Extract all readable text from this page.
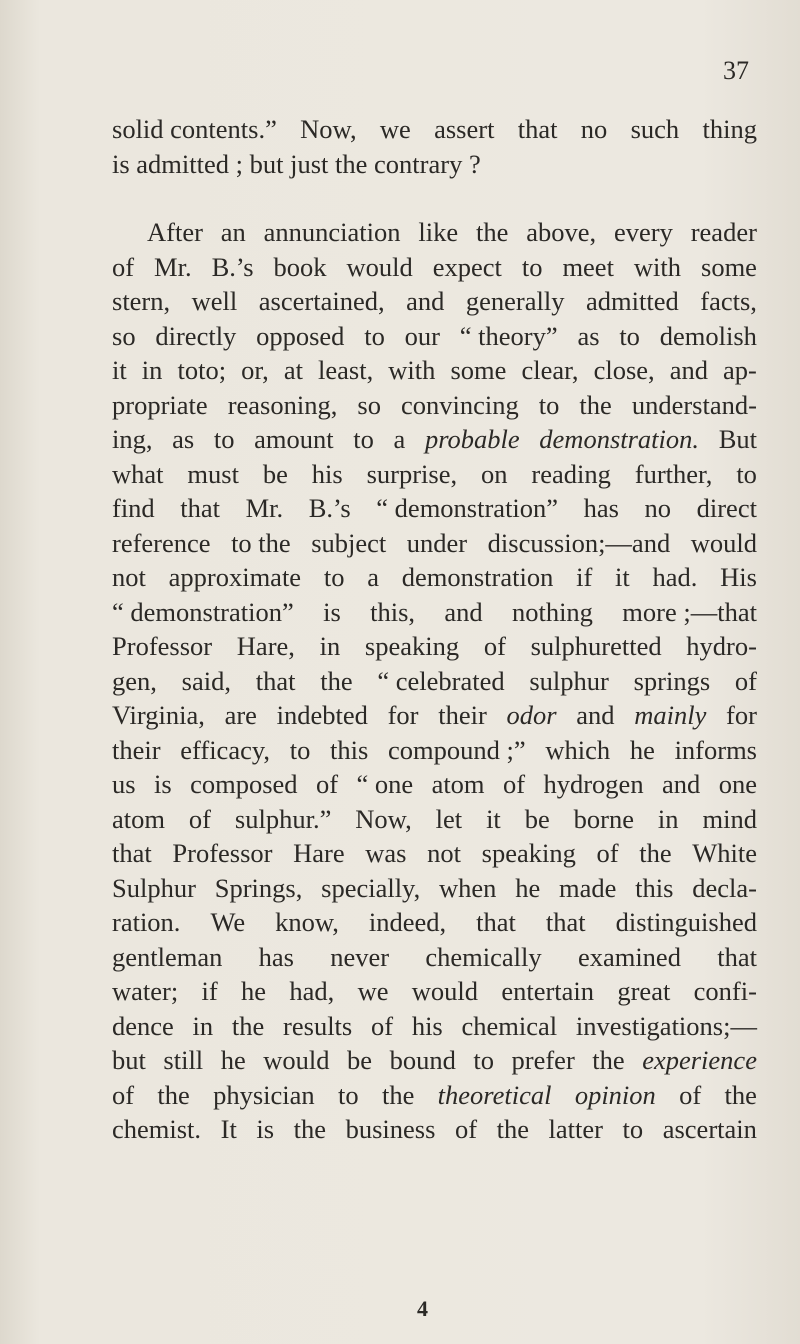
37
solid contents.” Now, we assert that no such thing
is admitted ; but just the contrary ?
After an annunciation like the above, every reader
of Mr. B.’s book would expect to meet with some
stern, well ascertained, and generally admitted facts,
so directly opposed to our “ theory” as to demolish
it in toto; or, at least, with some clear, close, and ap-
propriate reasoning, so convincing to the understand-
ing, as to amount to a probable demonstration. But
what must be his surprise, on reading further, to
find that Mr. B.’s “ demonstration” has no direct
reference to the subject under discussion;—and would
not approximate to a demonstration if it had. His
“ demonstration” is this, and nothing more ;—that
Professor Hare, in speaking of sulphuretted hydro-
gen, said, that the “ celebrated sulphur springs of
Virginia, are indebted for their odor and mainly for
their efficacy, to this compound ;” which he informs
us is composed of “ one atom of hydrogen and one
atom of sulphur.” Now, let it be borne in mind
that Professor Hare was not speaking of the White
Sulphur Springs, specially, when he made this decla-
ration. We know, indeed, that that distinguished
gentleman has never chemically examined that
water; if he had, we would entertain great confi-
dence in the results of his chemical investigations;—
but still he would be bound to prefer the experience
of the physician to the theoretical opinion of the
chemist. It is the business of the latter to ascertain
4
